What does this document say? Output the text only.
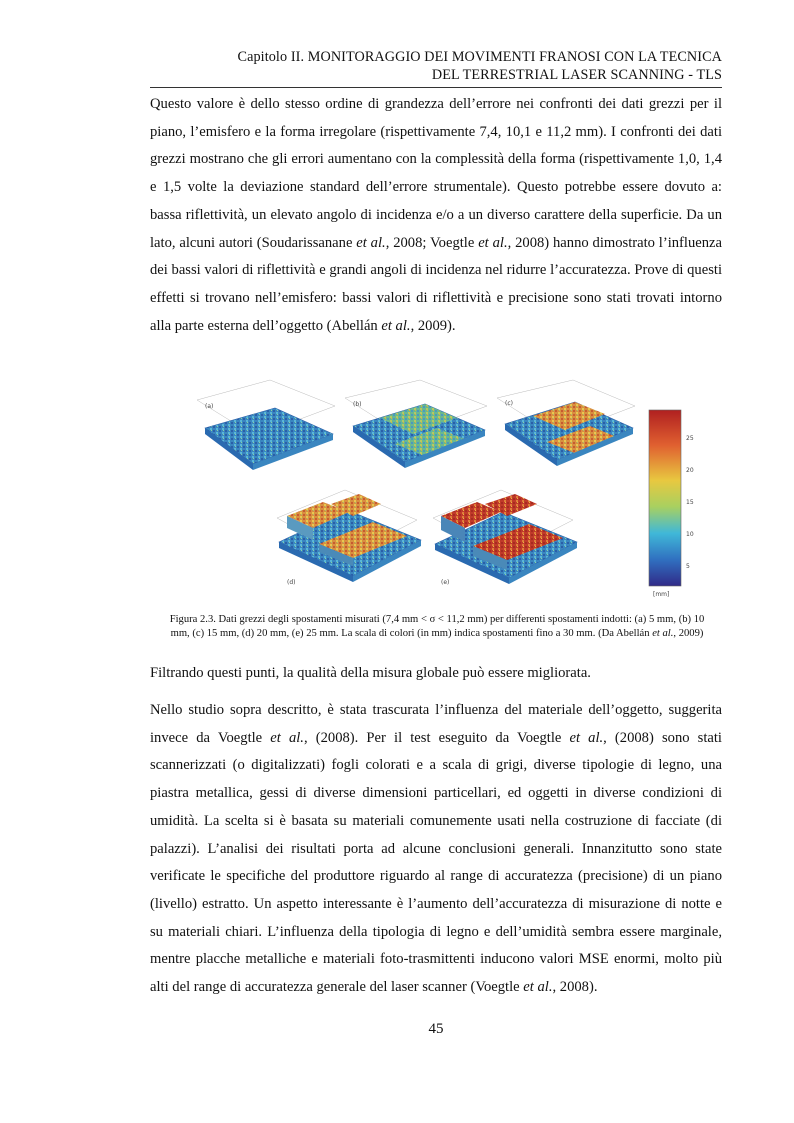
Capitolo II. MONITORAGGIO DEI MOVIMENTI FRANOSI CON LA TECNICA
DEL TERRESTRIAL LASER SCANNING - TLS

Questo valore è dello stesso ordine di grandezza dell’errore nei confronti dei dati grezzi per il piano, l’emisfero e la forma irregolare (rispettivamente 7,4, 10,1 e 11,2 mm). I confronti dei dati grezzi mostrano che gli errori aumentano con la complessità della forma (rispettivamente 1,0, 1,4 e 1,5 volte la deviazione standard dell’errore strumentale). Questo potrebbe essere dovuto a: bassa riflettività, un elevato angolo di incidenza e/o a un diverso carattere della superficie. Da un lato, alcuni autori (Soudarissanane et al., 2008; Voegtle et al., 2008) hanno dimostrato l’influenza dei bassi valori di riflettività e grandi angoli di incidenza nel ridurre l’accuratezza. Prove di questi effetti si trovano nell’emisfero: bassi valori di riflettività e precisione sono stati trovati intorno alla parte esterna dell’oggetto (Abellán et al., 2009).

(a)	(b)	(c)
(d)	(e)
25
20
15
10
5
[mm]
Figura 2.3. Dati grezzi degli spostamenti misurati (7,4 mm < σ < 11,2 mm) per differenti spostamenti indotti: (a) 5 mm, (b) 10 mm, (c) 15 mm, (d) 20 mm, (e) 25 mm. La scala di colori (in mm) indica spostamenti fino a 30 mm. (Da Abellán et al., 2009)

Filtrando questi punti, la qualità della misura globale può essere migliorata.

Nello studio sopra descritto, è stata trascurata l’influenza del materiale dell’oggetto, suggerita invece da Voegtle et al., (2008). Per il test eseguito da Voegtle et al., (2008) sono stati scannerizzati (o digitalizzati) fogli colorati e a scala di grigi, diverse tipologie di legno, una piastra metallica, gessi di diverse dimensioni particellari, ed oggetti in diverse condizioni di umidità. La scelta si è basata su materiali comunemente usati nella costruzione di facciate (di palazzi). L’analisi dei risultati porta ad alcune conclusioni generali. Innanzitutto sono state verificate le specifiche del produttore riguardo al range di accuratezza (precisione) di un piano (livello) estratto. Un aspetto interessante è l’aumento dell’accuratezza di misurazione di notte e su materiali chiari. L’influenza della tipologia di legno e dell’umidità sembra essere marginale, mentre placche metalliche e materiali foto-trasmittenti inducono valori MSE enormi, molto più alti del range di accuratezza generale del laser scanner (Voegtle et al., 2008).

45
